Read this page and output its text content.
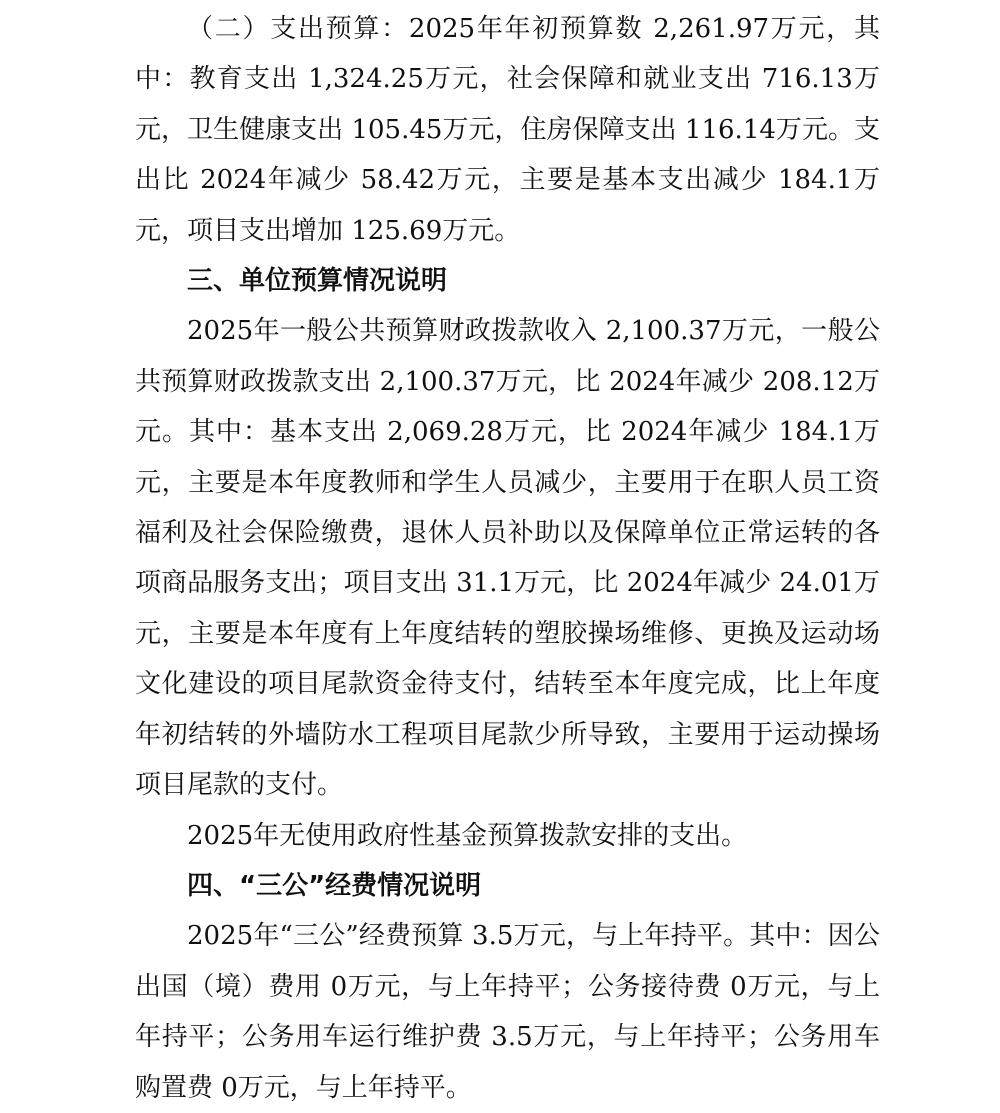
（二）支出预算：2025年年初预算数 2,261.97万元，其中：教育支出 1,324.25万元，社会保障和就业支出 716.13万元，卫生健康支出 105.45万元，住房保障支出 116.14万元。支出比 2024年减少 58.42万元，主要是基本支出减少 184.1万元，项目支出增加 125.69万元。

三、单位预算情况说明

2025年一般公共预算财政拨款收入 2,100.37万元，一般公共预算财政拨款支出 2,100.37万元，比 2024年减少 208.12万元。其中：基本支出 2,069.28万元，比 2024年减少 184.1万元，主要是本年度教师和学生人员减少，主要用于在职人员工资福利及社会保险缴费，退休人员补助以及保障单位正常运转的各项商品服务支出；项目支出 31.1万元，比 2024年减少 24.01万元，主要是本年度有上年度结转的塑胶操场维修、更换及运动场文化建设的项目尾款资金待支付，结转至本年度完成，比上年度年初结转的外墙防水工程项目尾款少所导致，主要用于运动操场项目尾款的支付。

2025年无使用政府性基金预算拨款安排的支出。

四、“三公”经费情况说明

2025年“三公”经费预算 3.5万元，与上年持平。其中：因公出国（境）费用 0万元，与上年持平；公务接待费 0万元，与上年持平；公务用车运行维护费 3.5万元，与上年持平；公务用车购置费 0万元，与上年持平。
